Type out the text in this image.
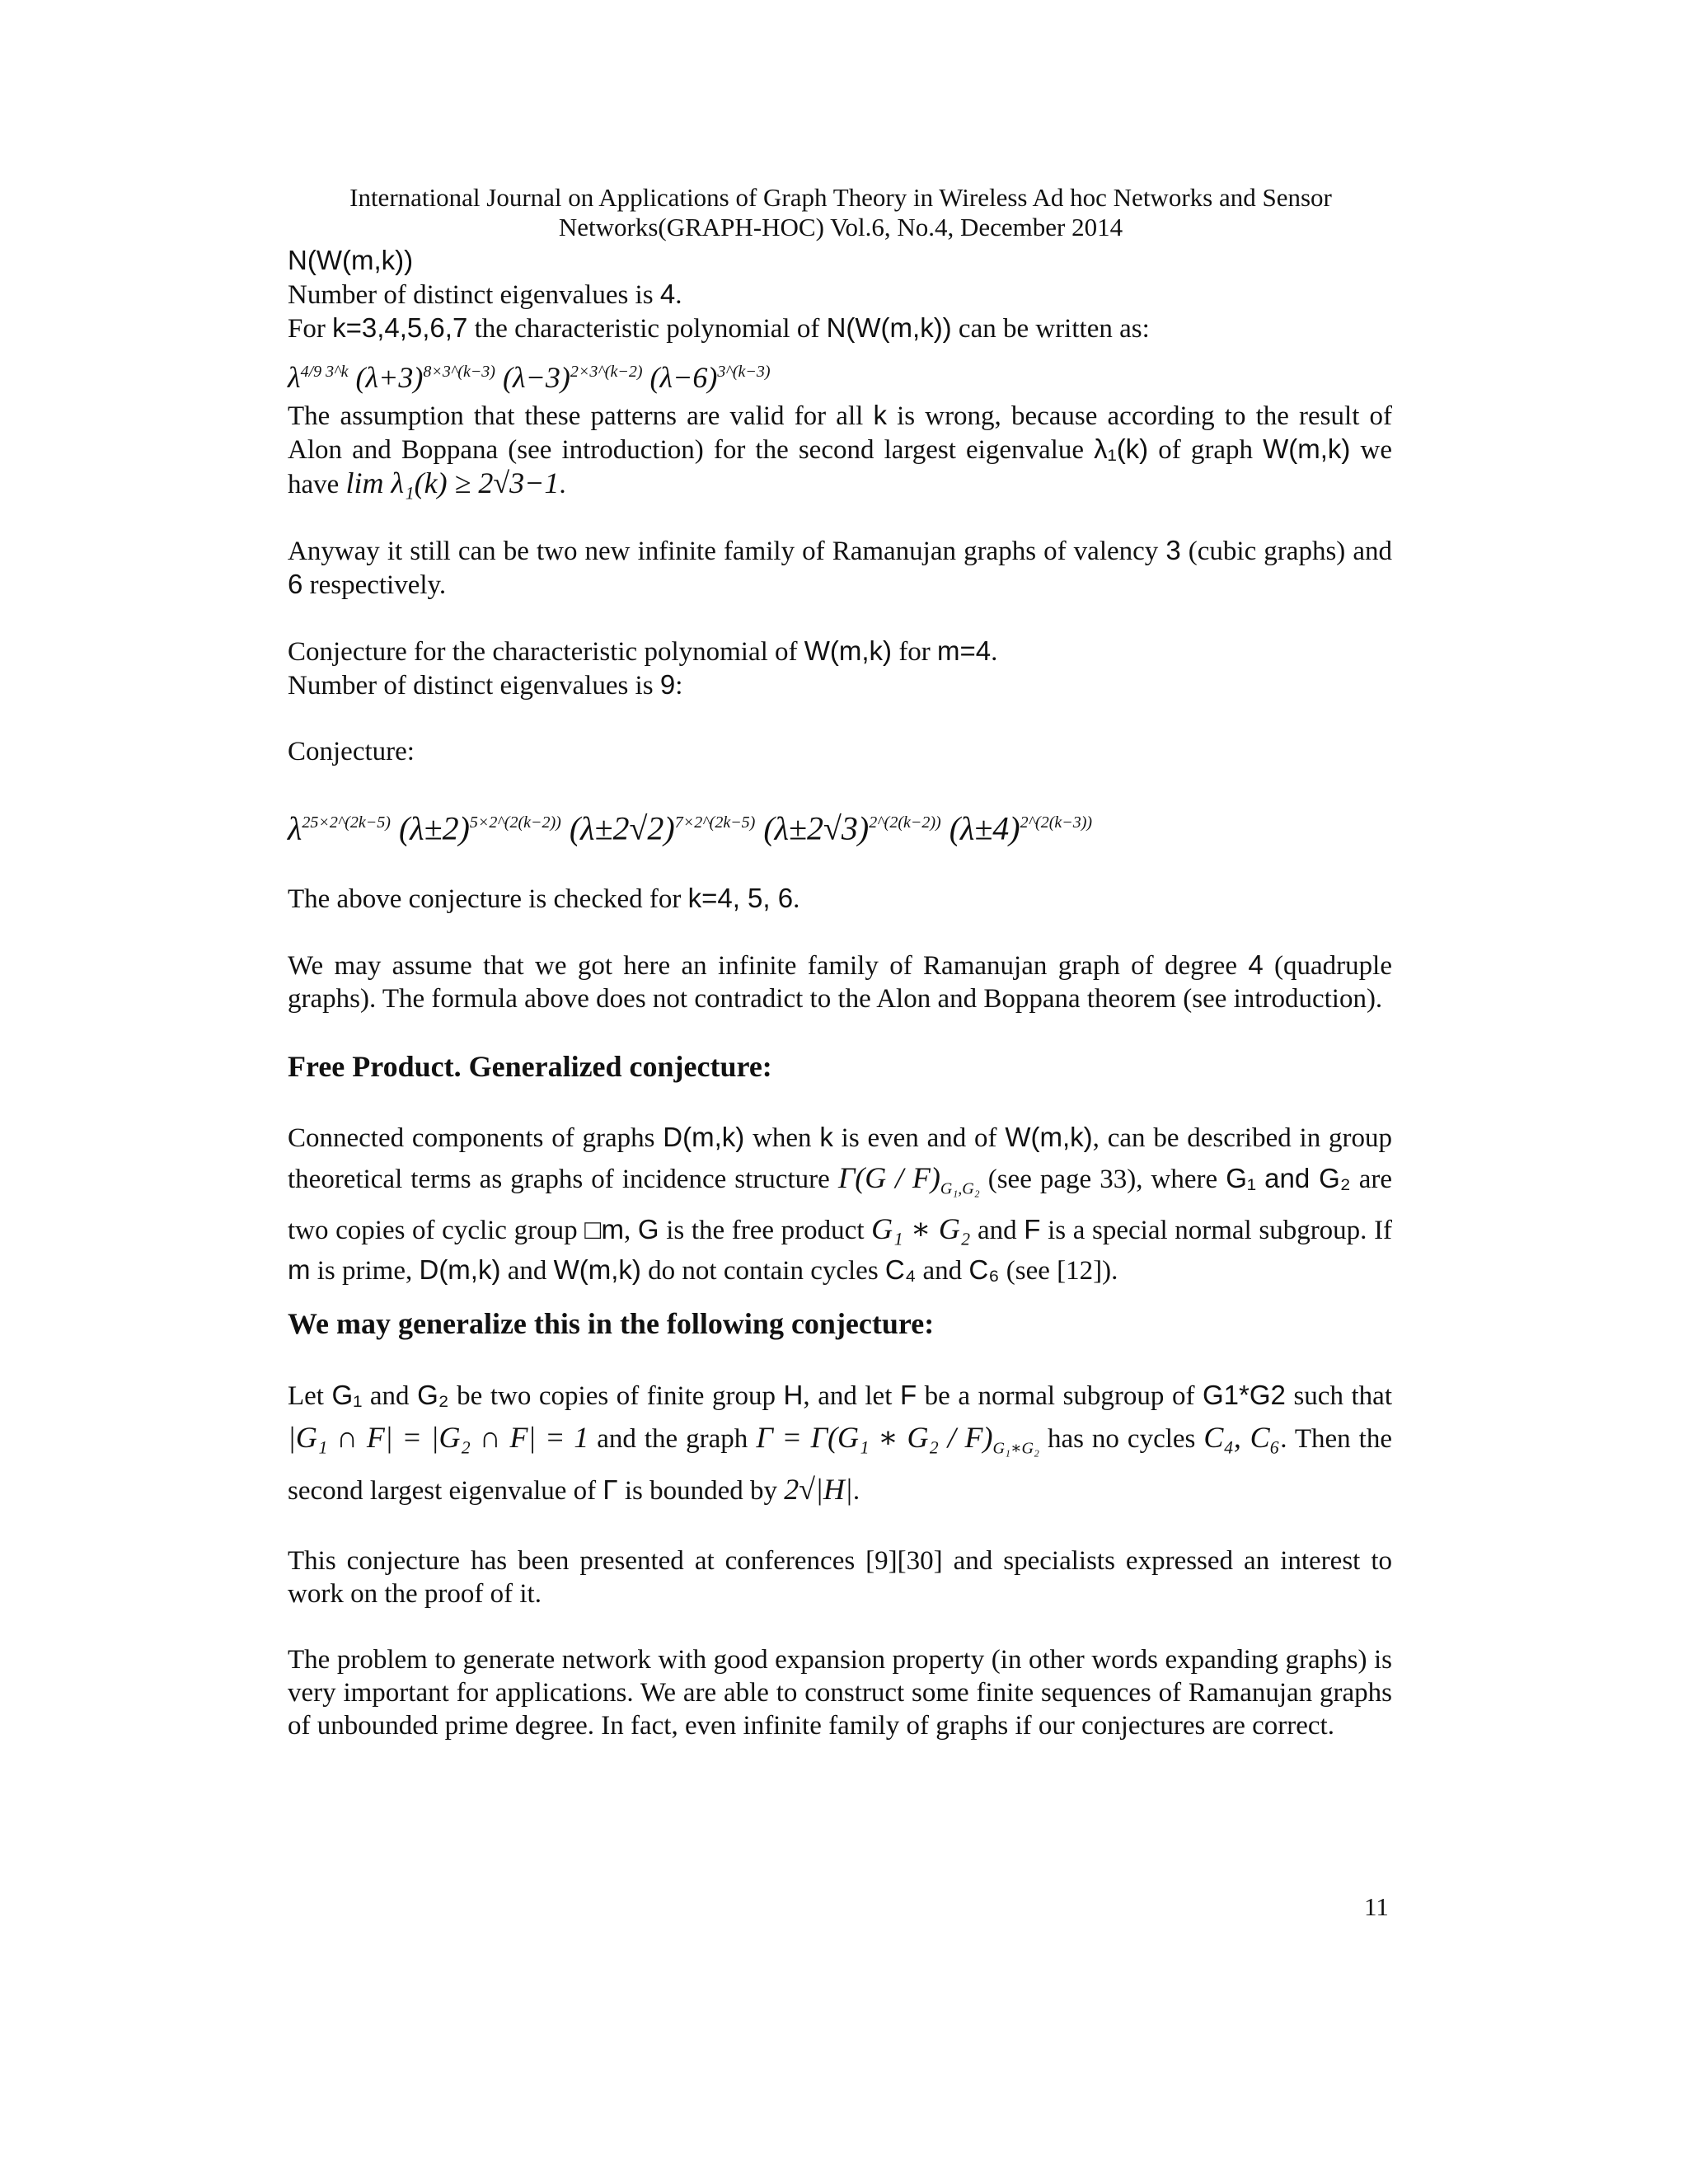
International Journal on Applications of Graph Theory in Wireless Ad hoc Networks and Sensor
Networks(GRAPH-HOC) Vol.6, No.4, December 2014

N(W(m,k))

Number of distinct eigenvalues is 4.

For k=3,4,5,6,7 the characteristic polynomial of N(W(m,k)) can be written as:

$\lambda^{4/9 3\^{}k}$ $(\lambda+3)^{8\times 3\^{}(k-3)}$ $(\lambda-3)^{2\times 3\^{}(k-2)}$ $(\lambda-6)^{3\^{}(k-3)}$

The assumption that these patterns are valid for all k is wrong, because according to the result of Alon and Boppana (see introduction) for the second largest eigenvalue λ₁(k) of graph W(m,k) we have lim λ₁(k) ≥ 2√3−1.

Anyway it still can be two new infinite family of Ramanujan graphs of valency 3 (cubic graphs) and 6 respectively.

Conjecture for the characteristic polynomial of W(m,k) for m=4.

Number of distinct eigenvalues is 9:

Conjecture:

$\lambda^{25\times 2\^{}(2k-5)}$ $(\lambda\pm 2)^{5\times 2\^{}(2(k-2))}$ $(\lambda\pm 2√2)^{7\times 2\^{}(2k-5)}$ $(\lambda\pm 2√3)^{2\^{}(2(k-2))}$ $(\lambda\pm 4)^{2\^{}(2(k-3))}$

The above conjecture is checked for k=4, 5, 6.

We may assume that we got here an infinite family of Ramanujan graph of degree 4 (quadruple graphs). The formula above does not contradict to the Alon and Boppana theorem (see introduction).

Free Product. Generalized conjecture:

Connected components of graphs D(m,k) when k is even and of W(m,k), can be described in group theoretical terms as graphs of incidence structure $\Gamma(G / F)_{G_1,G_2}$ (see page 33), where G₁ and G₂ are two copies of cyclic group □m, G is the free product G₁ ∗ G₂ and F is a special normal subgroup. If m is prime, D(m,k) and W(m,k) do not contain cycles C₄ and C₆ (see [12]).

We may generalize this in the following conjecture:

Let G₁ and G₂ be two copies of finite group H, and let F be a normal subgroup of G1*G2 such that |G₁ ∩ F| = |G₂ ∩ F| = 1 and the graph Γ = Γ(G₁ ∗ $G_2 / F)_{G_1∗G_2}$ has no cycles C₄, C₆. Then the second largest eigenvalue of Γ is bounded by 2√|H|.

This conjecture has been presented at conferences [9][30] and specialists expressed an interest to work on the proof of it.

The problem to generate network with good expansion property (in other words expanding graphs) is very important for applications. We are able to construct some finite sequences of Ramanujan graphs of unbounded prime degree. In fact, even infinite family of graphs if our conjectures are correct.

11
